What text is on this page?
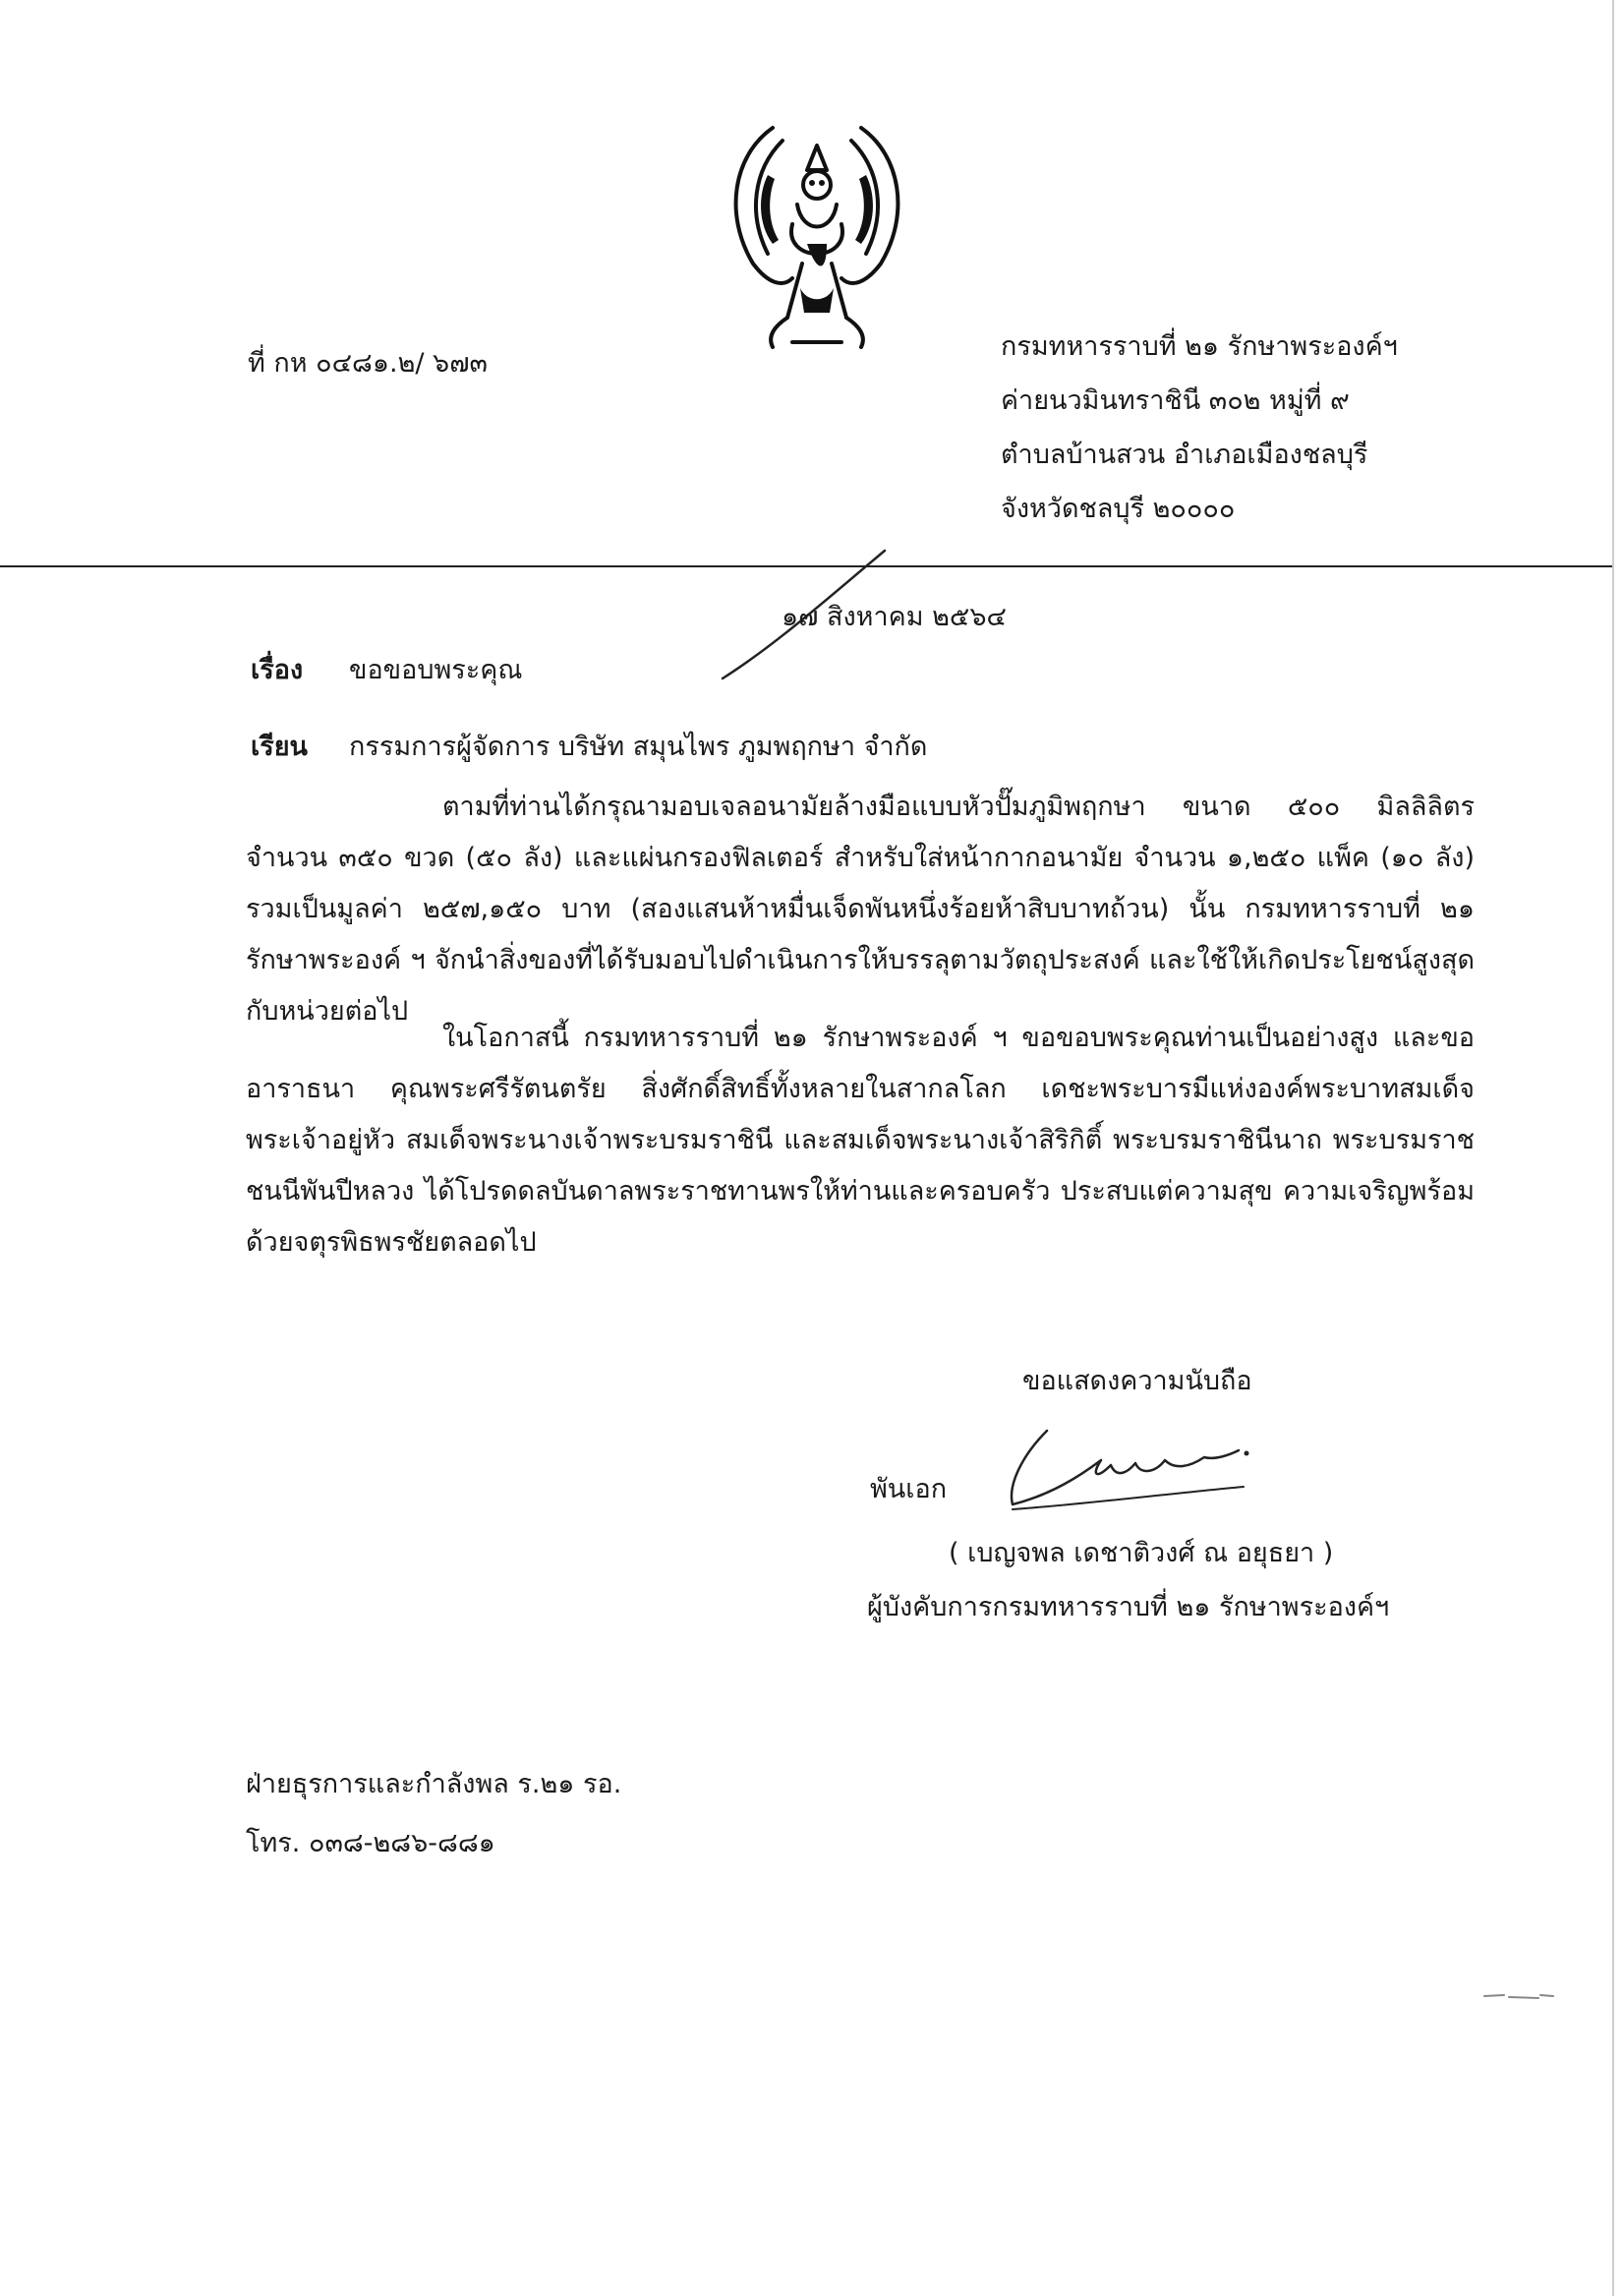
ที่ กห ๐๔๘๑.๒/ ๖๗๓
กรมทหารราบที่ ๒๑ รักษาพระองค์ฯ
ค่ายนวมินทราชินี ๓๐๒ หมู่ที่ ๙
ตำบลบ้านสวน อำเภอเมืองชลบุรี
จังหวัดชลบุรี ๒๐๐๐๐
๑๗ สิงหาคม ๒๕๖๔
เรื่อง ขอขอบพระคุณ
เรียน กรรมการผู้จัดการ บริษัท สมุนไพร ภูมพฤกษา จำกัด
ตามที่ท่านได้กรุณามอบเจลอนามัยล้างมือแบบหัวปั๊มภูมิพฤกษา ขนาด ๕๐๐ มิลลิลิตร จำนวน ๓๕๐ ขวด (๕๐ ลัง) และแผ่นกรองฟิลเตอร์ สำหรับใส่หน้ากากอนามัย จำนวน ๑,๒๕๐ แพ็ค (๑๐ ลัง) รวมเป็นมูลค่า ๒๕๗,๑๕๐ บาท (สองแสนห้าหมื่นเจ็ดพันหนึ่งร้อยห้าสิบบาทถ้วน) นั้น กรมทหารราบที่ ๒๑ รักษาพระองค์ ฯ จักนำสิ่งของที่ได้รับมอบไปดำเนินการให้บรรลุตามวัตถุประสงค์ และใช้ให้เกิดประโยชน์สูงสุดกับหน่วยต่อไป
ในโอกาสนี้ กรมทหารราบที่ ๒๑ รักษาพระองค์ ฯ ขอขอบพระคุณท่านเป็นอย่างสูง และขออาราธนา คุณพระศรีรัตนตรัย สิ่งศักดิ์สิทธิ์ทั้งหลายในสากลโลก เดชะพระบารมีแห่งองค์พระบาทสมเด็จพระเจ้าอยู่หัว สมเด็จพระนางเจ้าพระบรมราชินี และสมเด็จพระนางเจ้าสิริกิติ์ พระบรมราชินีนาถ พระบรมราชชนนีพันปีหลวง ได้โปรดดลบันดาลพระราชทานพรให้ท่านและครอบครัว ประสบแต่ความสุข ความเจริญพร้อมด้วยจตุรพิธพรชัยตลอดไป
ขอแสดงความนับถือ
พันเอก
( เบญจพล เดชาติวงศ์ ณ อยุธยา )
ผู้บังคับการกรมทหารราบที่ ๒๑ รักษาพระองค์ฯ
ฝ่ายธุรการและกำลังพล ร.๒๑ รอ.
โทร. ๐๓๘-๒๘๖-๘๘๑
